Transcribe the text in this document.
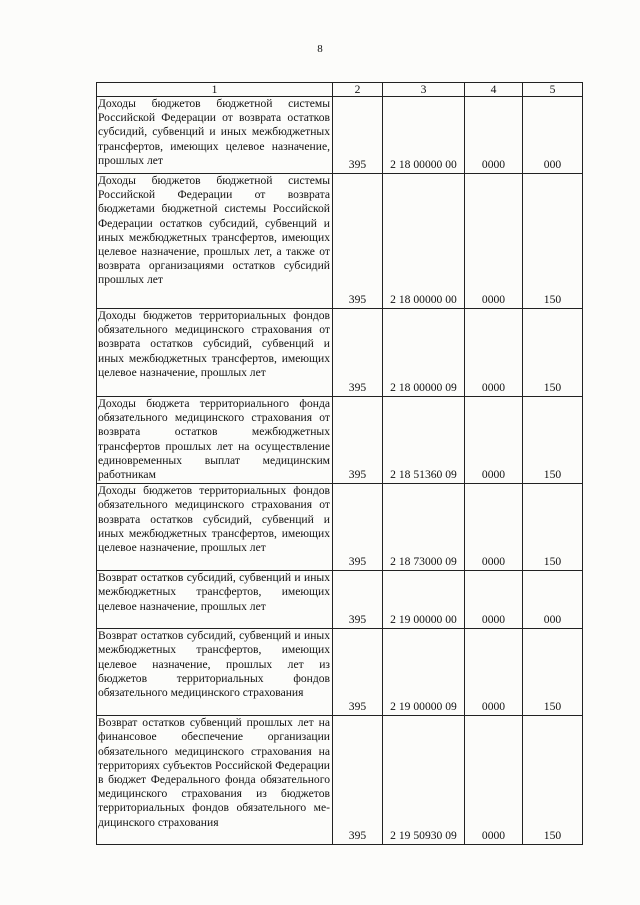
8
1	2	3	4	5
Доходы бюджетов бюджетной системы Российской Федерации от возврата остатков субсидий, субвенций и иных межбюджетных трансфертов, имеющих целевое назначение, прошлых лет	395	2 18 00000 00	0000	000
Доходы бюджетов бюджетной системы Российской Федерации от возврата бюджетами бюджетной системы Российской Федерации остатков субсидий, субвенций и иных межбюджетных трансфертов, имеющих целевое назначение, прошлых лет, а также от возврата организациями остатков субсидий прошлых лет	395	2 18 00000 00	0000	150
Доходы бюджетов территориальных фондов обязательного медицинского страхования от возврата остатков субсидий, субвенций и иных межбюджетных трансфертов, имеющих целевое назначение, прошлых лет	395	2 18 00000 09	0000	150
Доходы бюджета территориального фонда обязательного медицинского страхования от возврата остатков межбюджетных трансфертов прошлых лет на осуществление единовременных выплат медицинским работникам	395	2 18 51360 09	0000	150
Доходы бюджетов территориальных фондов обязательного медицинского страхования от возврата остатков субсидий, субвенций и иных межбюджетных трансфертов, имеющих целевое назначение, прошлых лет	395	2 18 73000 09	0000	150
Возврат остатков субсидий, субвенций и иных межбюджетных трансфертов, имеющих целевое назначение, прошлых лет	395	2 19 00000 00	0000	000
Возврат остатков субсидий, субвенций и иных межбюджетных трансфертов, имеющих целевое назначение, прошлых лет из бюджетов территориальных фондов обязательного медицинского страхования	395	2 19 00000 09	0000	150
Возврат остатков субвенций прошлых лет на финансовое обеспечение организации обязательного медицинского страхования на территориях субъектов Российской Федерации в бюджет Федерального фонда обязательного медицинского страхования из бюджетов территориальных фондов обязательного медицинского страхования	395	2 19 50930 09	0000	150
